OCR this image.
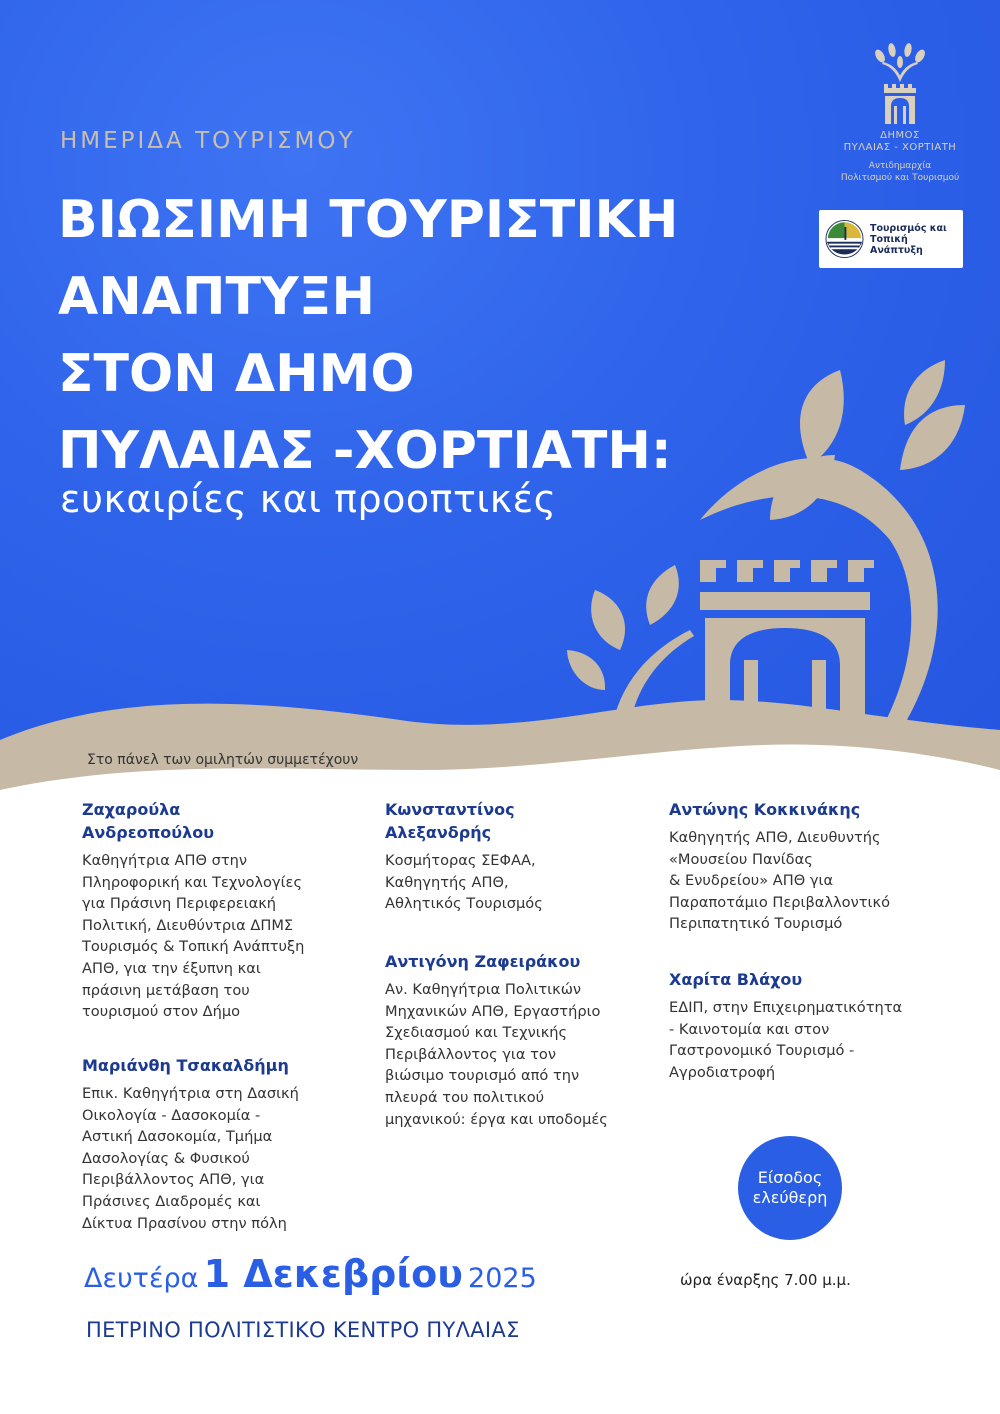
ΗΜΕΡΙΔΑ ΤΟΥΡΙΣΜΟΥ
ΒΙΩΣΙΜΗ ΤΟΥΡΙΣΤΙΚΗ
ΑΝΑΠΤΥΞΗ
ΣΤΟΝ ΔΗΜΟ
ΠΥΛΑΙΑΣ -ΧΟΡΤΙΑΤΗ:
ευκαιρίες και προοπτικές
ΔΗΜΟΣ
ΠΥΛΑΙΑΣ - ΧΟΡΤΙΑΤΗ
Αντιδημαρχία
Πολιτισμού και Τουρισμού
Τουρισμός και
Τοπική Ανάπτυξη
Στο πάνελ των ομιλητών συμμετέχουν
Ζαχαρούλα
Ανδρεοπούλου
Καθηγήτρια ΑΠΘ στην
Πληροφορική και Τεχνολογίες
για Πράσινη Περιφερειακή
Πολιτική, Διευθύντρια ΔΠΜΣ
Τουρισμός & Τοπική Ανάπτυξη
ΑΠΘ, για την έξυπνη και
πράσινη μετάβαση του
τουρισμού στον Δήμο
Μαριάνθη Τσακαλδήμη
Επικ. Καθηγήτρια στη Δασική
Οικολογία - Δασοκομία -
Αστική Δασοκομία, Τμήμα
Δασολογίας & Φυσικού
Περιβάλλοντος ΑΠΘ, για
Πράσινες Διαδρομές και
Δίκτυα Πρασίνου στην πόλη
Κωνσταντίνος
Αλεξανδρής
Κοσμήτορας ΣΕΦΑΑ,
Καθηγητής ΑΠΘ,
Αθλητικός Τουρισμός
Αντιγόνη Ζαφειράκου
Αν. Καθηγήτρια Πολιτικών
Μηχανικών ΑΠΘ, Εργαστήριο
Σχεδιασμού και Τεχνικής
Περιβάλλοντος για τον
βιώσιμο τουρισμό από την
πλευρά του πολιτικού
μηχανικού: έργα και υποδομές
Αντώνης Κοκκινάκης
Καθηγητής ΑΠΘ, Διευθυντής
«Μουσείου Πανίδας
& Ενυδρείου» ΑΠΘ για
Παραποτάμιο Περιβαλλοντικό
Περιπατητικό Τουρισμό
Χαρίτα Βλάχου
ΕΔΙΠ, στην Επιχειρηματικότητα
- Καινοτομία και στον
Γαστρονομικό Τουρισμό -
Αγροδιατροφή
Είσοδος
ελεύθερη
Δευτέρα 1 Δεκεβρίου 2025	ώρα έναρξης 7.00 μ.μ.
ΠΕΤΡΙΝΟ ΠΟΛΙΤΙΣΤΙΚΟ ΚΕΝΤΡΟ ΠΥΛΑΙΑΣ
